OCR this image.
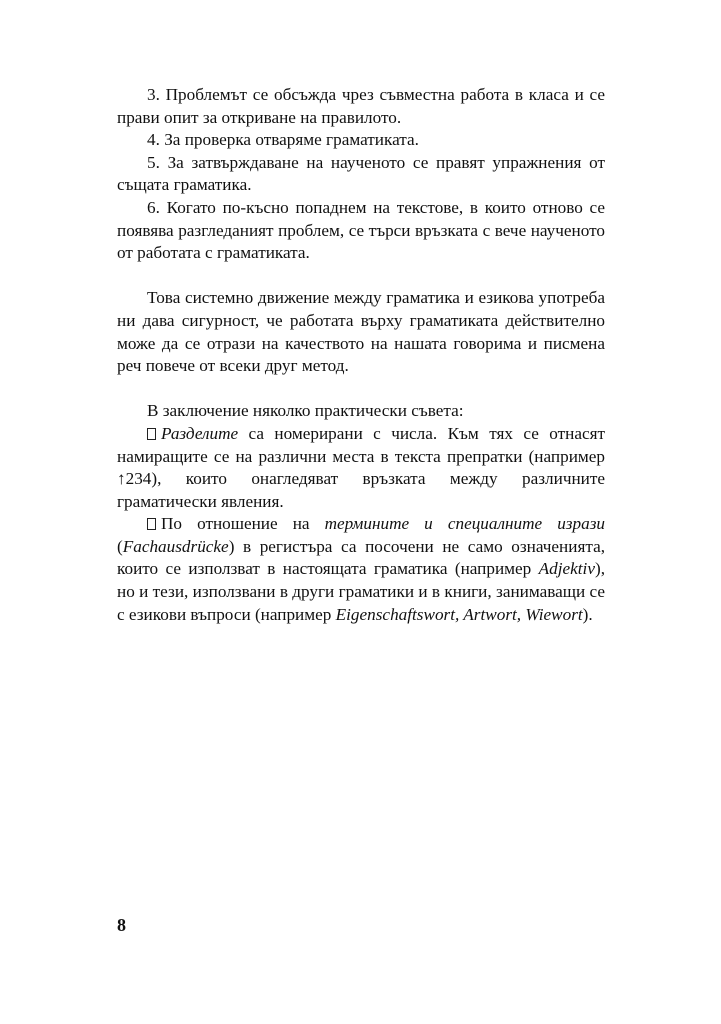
3. Проблемът се обсъжда чрез съвместна работа в класа и се прави опит за откриване на правилото.

4. За проверка отваряме граматиката.

5. За затвърждаване на наученото се правят упражнения от същата граматика.

6. Когато по-късно попаднем на текстове, в които отново се появява разгледаният проблем, се търси връзката с вече наученото от работата с граматиката.

Това системно движение между граматика и езикова употреба ни дава сигурност, че работата върху граматиката действително може да се отрази на качеството на нашата говорима и писмена реч повече от всеки друг метод.

В заключение няколко практически съвета:

Разделите са номерирани с числа. Към тях се отнасят намиращите се на различни места в текста препратки (например ↑234), които онагледяват връзката между различните граматически явления.

По отношение на термините и специалните изрази (Fachausdrücke) в регистъра са посочени не само означенията, които се използват в настоящата граматика (например Adjektiv), но и тези, използвани в други граматики и в книги, занимаващи се с езикови въпроси (например Eigenschaftswort, Artwort, Wiewort).

8
